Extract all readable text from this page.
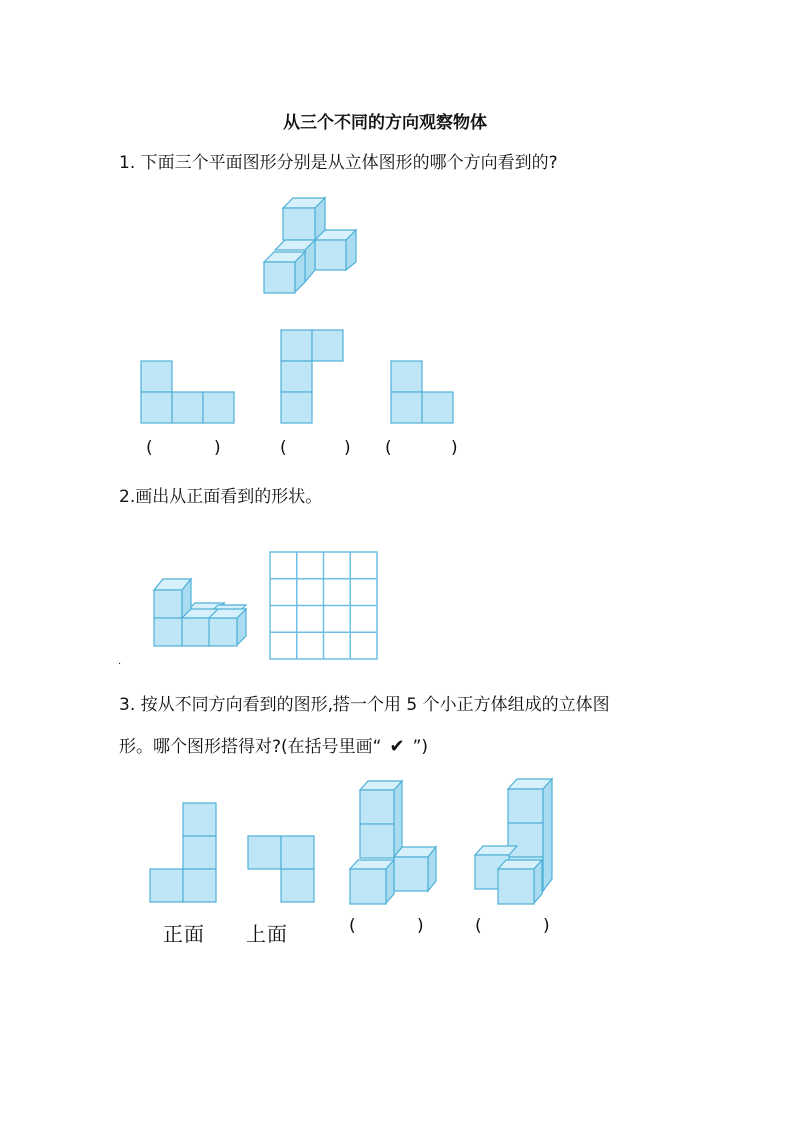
从三个不同的方向观察物体
1. 下面三个平面图形分别是从立体图形的哪个方向看到的?
(	)	(	) (	)
2.画出从正面看到的形状。
.
3. 按从不同方向看到的图形,搭一个用 5 个小正方体组成的立体图
形。哪个图形搭得对?(在括号里画“ ✔ ”)
正面 上面	(	)	(	)
